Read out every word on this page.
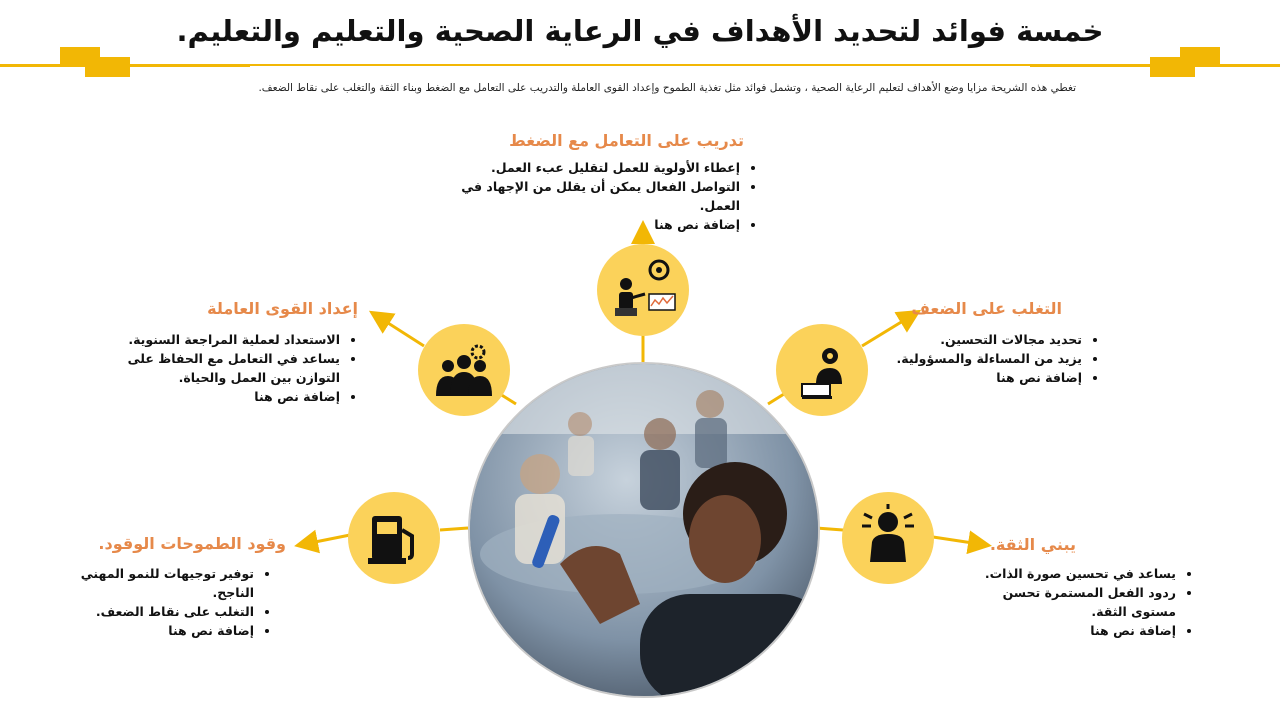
خمسة فوائد لتحديد الأهداف في الرعاية الصحية والتعليم والتعليم.
تغطي هذه الشريحة مزايا وضع الأهداف لتعليم الرعاية الصحية ، وتشمل فوائد مثل تغذية الطموح وإعداد القوى العاملة والتدريب على التعامل مع الضغط وبناء الثقة والتغلب على نقاط الضعف.
تدريب على التعامل مع الضغط
• إعطاء الأولوية للعمل لتقليل عبء العمل.
• التواصل الفعال يمكن أن يقلل من الإجهاد في العمل.
• إضافة نص هنا
إعداد القوى العاملة
• الاستعداد لعملية المراجعة السنوية.
• يساعد في التعامل مع الحفاظ على التوازن بين العمل والحياة.
• إضافة نص هنا
التغلب على الضعف
• تحديد مجالات التحسين.
• يزيد من المساءلة والمسؤولية.
• إضافة نص هنا
وقود الطموحات الوقود.
• توفير توجيهات للنمو المهني الناجح.
• التغلب على نقاط الضعف.
• إضافة نص هنا
يبني الثقة.
• يساعد في تحسين صورة الذات.
• ردود الفعل المستمرة تحسن مستوى الثقة.
• إضافة نص هنا
